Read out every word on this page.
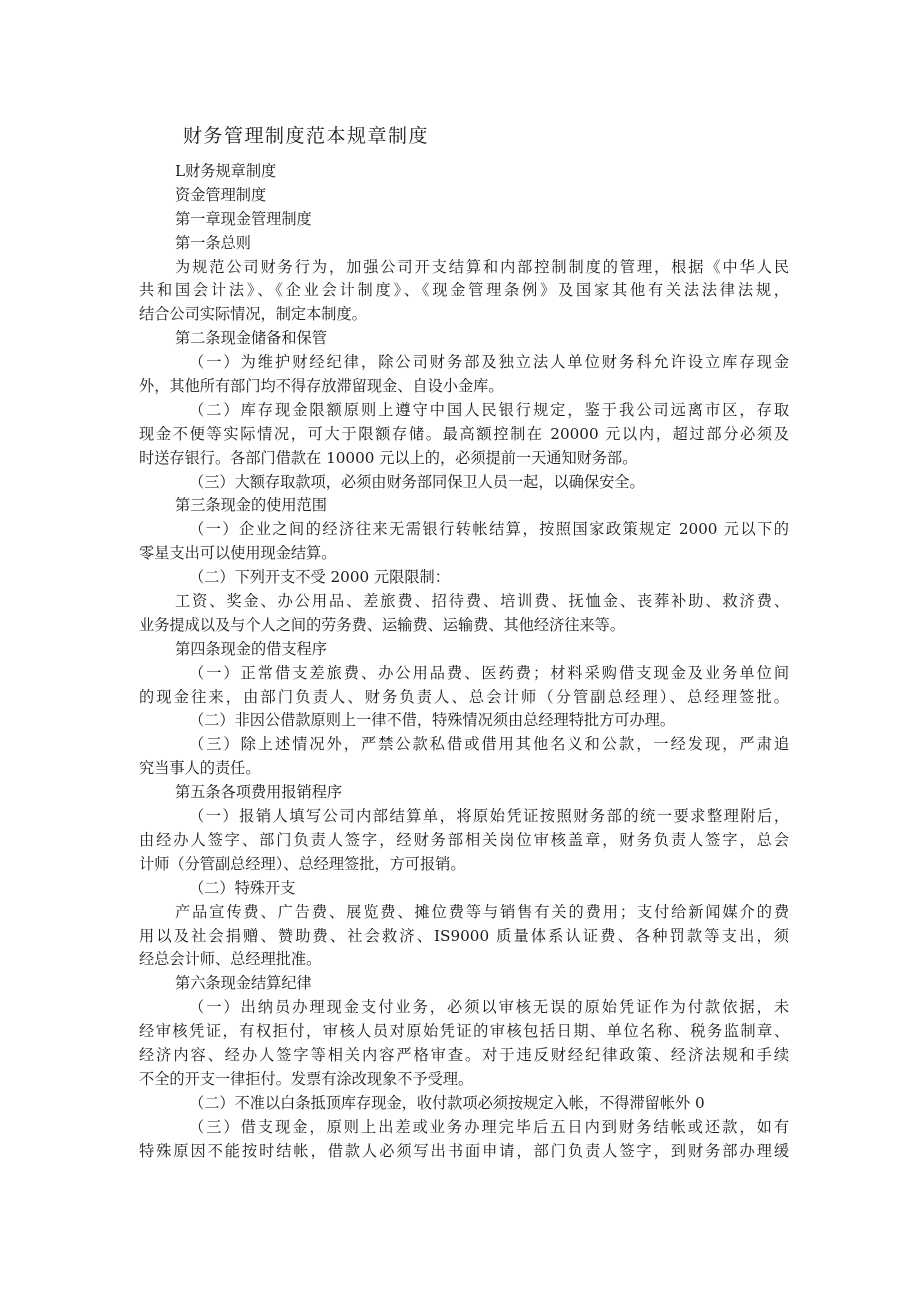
财务管理制度范本规章制度
L财务规章制度
资金管理制度
第一章现金管理制度
第一条总则
为规范公司财务行为，加强公司开支结算和内部控制制度的管理，根据《中华人民
共和国会计法》、《企业会计制度》、《现金管理条例》及国家其他有关法法律法规，
结合公司实际情况，制定本制度。
第二条现金储备和保管
（一）为维护财经纪律，除公司财务部及独立法人单位财务科允许设立库存现金
外，其他所有部门均不得存放滞留现金、自设小金库。
（二）库存现金限额原则上遵守中国人民银行规定，鉴于我公司远离市区，存取
现金不便等实际情况，可大于限额存储。最高额控制在 20000 元以内，超过部分必须及
时送存银行。各部门借款在 10000 元以上的，必须提前一天通知财务部。
（三）大额存取款项，必须由财务部同保卫人员一起，以确保安全。
第三条现金的使用范围
（一）企业之间的经济往来无需银行转帐结算，按照国家政策规定 2000 元以下的
零星支出可以使用现金结算。
（二）下列开支不受 2000 元限限制：
工资、奖金、办公用品、差旅费、招待费、培训费、抚恤金、丧葬补助、救济费、
业务提成以及与个人之间的劳务费、运输费、运输费、其他经济往来等。
第四条现金的借支程序
（一）正常借支差旅费、办公用品费、医药费；材料采购借支现金及业务单位间
的现金往来，由部门负责人、财务负责人、总会计师（分管副总经理）、总经理签批。
（二）非因公借款原则上一律不借，特殊情况须由总经理特批方可办理。
（三）除上述情况外，严禁公款私借或借用其他名义和公款，一经发现，严肃追
究当事人的责任。
第五条各项费用报销程序
（一）报销人填写公司内部结算单，将原始凭证按照财务部的统一要求整理附后，
由经办人签字、部门负责人签字，经财务部相关岗位审核盖章，财务负责人签字，总会
计师（分管副总经理）、总经理签批，方可报销。
（二）特殊开支
产品宣传费、广告费、展览费、摊位费等与销售有关的费用；支付给新闻媒介的费
用以及社会捐赠、赞助费、社会救济、IS9000 质量体系认证费、各种罚款等支出，须
经总会计师、总经理批准。
第六条现金结算纪律
（一）出纳员办理现金支付业务，必须以审核无误的原始凭证作为付款依据，未
经审核凭证，有权拒付，审核人员对原始凭证的审核包括日期、单位名称、税务监制章、
经济内容、经办人签字等相关内容严格审查。对于违反财经纪律政策、经济法规和手续
不全的开支一律拒付。发票有涂改现象不予受理。
（二）不准以白条抵顶库存现金，收付款项必须按规定入帐，不得滞留帐外 0
（三）借支现金，原则上出差或业务办理完毕后五日内到财务结帐或还款，如有
特殊原因不能按时结帐，借款人必须写出书面申请，部门负责人签字，到财务部办理缓
